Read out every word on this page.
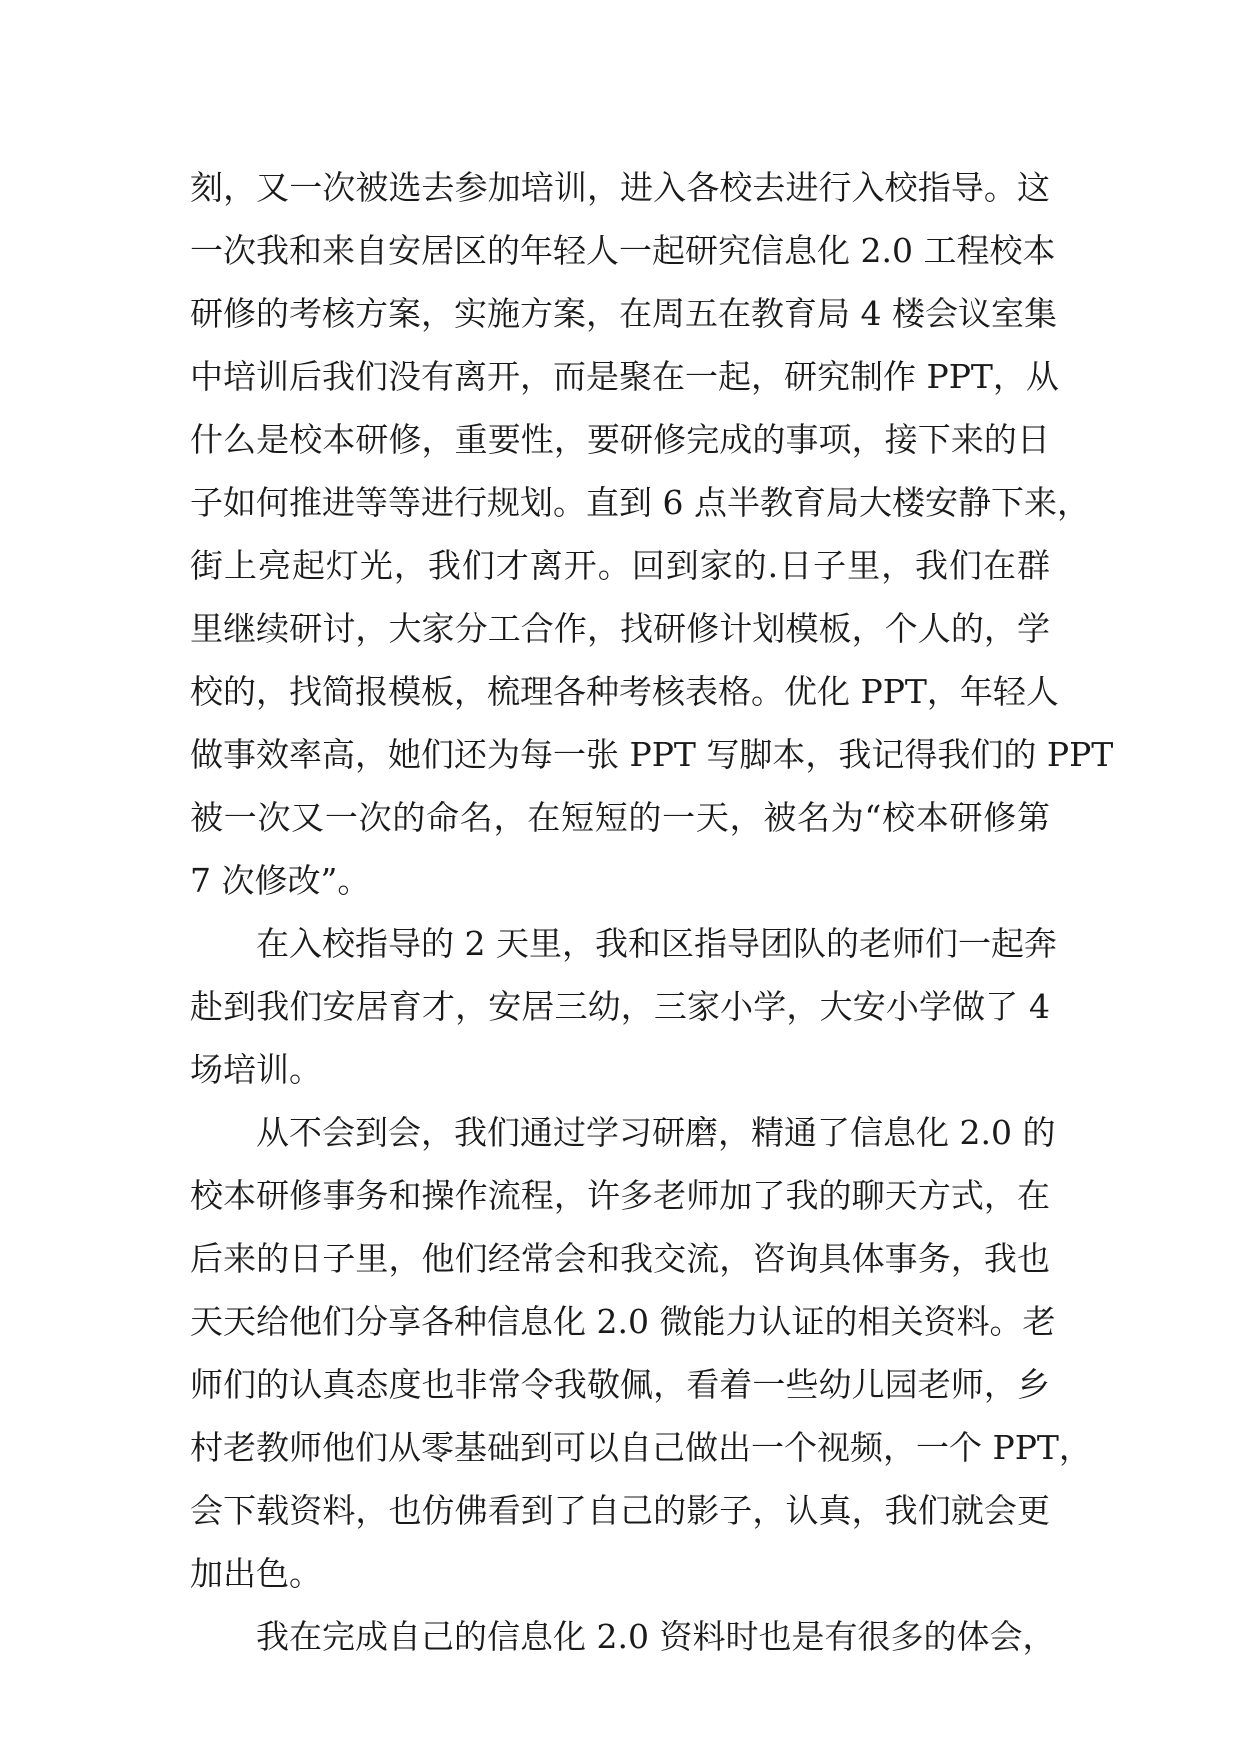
刻，又一次被选去参加培训，进入各校去进行入校指导。这
一次我和来自安居区的年轻人一起研究信息化 2.0 工程校本
研修的考核方案，实施方案，在周五在教育局 4 楼会议室集
中培训后我们没有离开，而是聚在一起，研究制作 PPT，从
什么是校本研修，重要性，要研修完成的事项，接下来的日
子如何推进等等进行规划。直到 6 点半教育局大楼安静下来，
街上亮起灯光，我们才离开。回到家的.日子里，我们在群
里继续研讨，大家分工合作，找研修计划模板，个人的，学
校的，找简报模板，梳理各种考核表格。优化 PPT，年轻人
做事效率高，她们还为每一张 PPT 写脚本，我记得我们的 PPT
被一次又一次的命名，在短短的一天，被名为“校本研修第
7 次修改”。
在入校指导的 2 天里，我和区指导团队的老师们一起奔
赴到我们安居育才，安居三幼，三家小学，大安小学做了 4
场培训。
从不会到会，我们通过学习研磨，精通了信息化 2.0 的
校本研修事务和操作流程，许多老师加了我的聊天方式，在
后来的日子里，他们经常会和我交流，咨询具体事务，我也
天天给他们分享各种信息化 2.0 微能力认证的相关资料。老
师们的认真态度也非常令我敬佩，看着一些幼儿园老师，乡
村老教师他们从零基础到可以自己做出一个视频，一个 PPT，
会下载资料，也仿佛看到了自己的影子，认真，我们就会更
加出色。
我在完成自己的信息化 2.0 资料时也是有很多的体会，
